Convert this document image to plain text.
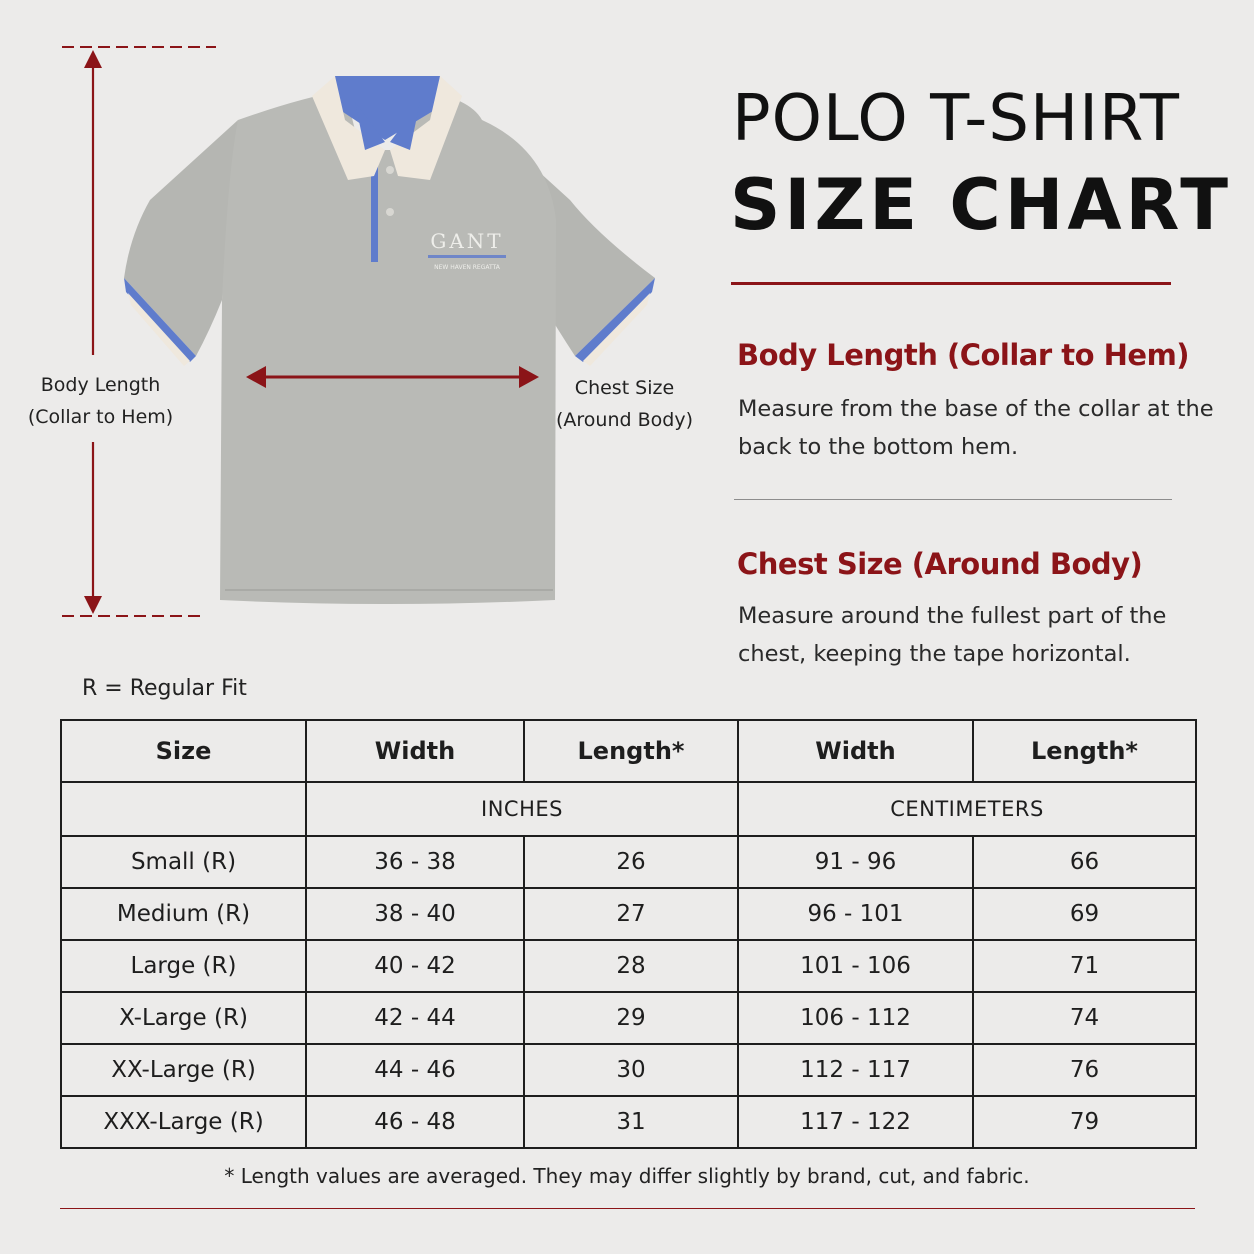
GANT
NEW HAVEN REGATTA
Body Length
(Collar to Hem)
Chest Size
(Around Body)
POLO T-SHIRT
SIZE CHART
Body Length (Collar to Hem)
Measure from the base of the collar at the back to the bottom hem.
Chest Size (Around Body)
Measure around the fullest part of the chest, keeping the tape horizontal.
R = Regular Fit
Size	Width	Length*	Width	Length*
	INCHES		CENTIMETERS	
Small (R)	36 - 38	26	91 - 96	66
Medium (R)	38 - 40	27	96 - 101	69
Large (R)	40 - 42	28	101 - 106	71
X-Large (R)	42 - 44	29	106 - 112	74
XX-Large (R)	44 - 46	30	112 - 117	76
XXX-Large (R)	46 - 48	31	117 - 122	79
* Length values are averaged. They may differ slightly by brand, cut, and fabric.
